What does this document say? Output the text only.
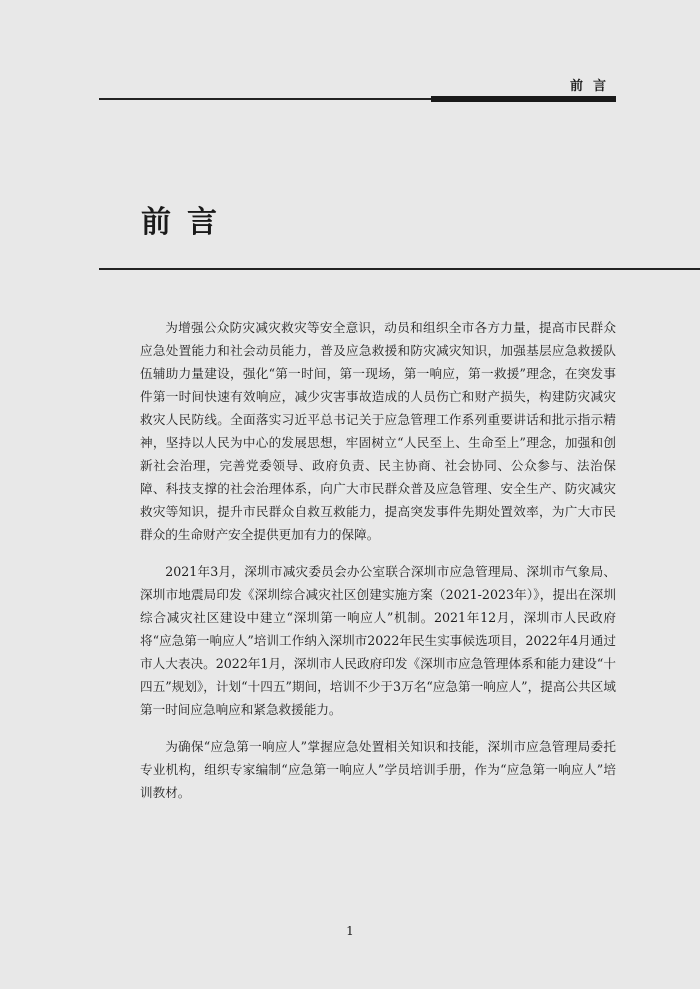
前言
前言

为增强公众防灾减灾救灾等安全意识，动员和组织全市各方力量，提高市民群众应急处置能力和社会动员能力，普及应急救援和防灾减灾知识，加强基层应急救援队伍辅助力量建设，强化“第一时间，第一现场，第一响应，第一救援”理念，在突发事件第一时间快速有效响应，减少灾害事故造成的人员伤亡和财产损失，构建防灾减灾救灾人民防线。全面落实习近平总书记关于应急管理工作系列重要讲话和批示指示精神，坚持以人民为中心的发展思想，牢固树立“人民至上、生命至上”理念，加强和创新社会治理，完善党委领导、政府负责、民主协商、社会协同、公众参与、法治保障、科技支撑的社会治理体系，向广大市民群众普及应急管理、安全生产、防灾减灾救灾等知识，提升市民群众自救互救能力，提高突发事件先期处置效率，为广大市民群众的生命财产安全提供更加有力的保障。

2021年3月，深圳市减灾委员会办公室联合深圳市应急管理局、深圳市气象局、深圳市地震局印发《深圳综合减灾社区创建实施方案（2021-2023年）》，提出在深圳综合减灾社区建设中建立“深圳第一响应人”机制。2021年12月，深圳市人民政府将“应急第一响应人”培训工作纳入深圳市2022年民生实事候选项目，2022年4月通过市人大表决。2022年1月，深圳市人民政府印发《深圳市应急管理体系和能力建设“十四五”规划》，计划“十四五”期间，培训不少于3万名“应急第一响应人”，提高公共区域第一时间应急响应和紧急救援能力。

为确保“应急第一响应人”掌握应急处置相关知识和技能，深圳市应急管理局委托专业机构，组织专家编制“应急第一响应人”学员培训手册，作为“应急第一响应人”培训教材。

1
